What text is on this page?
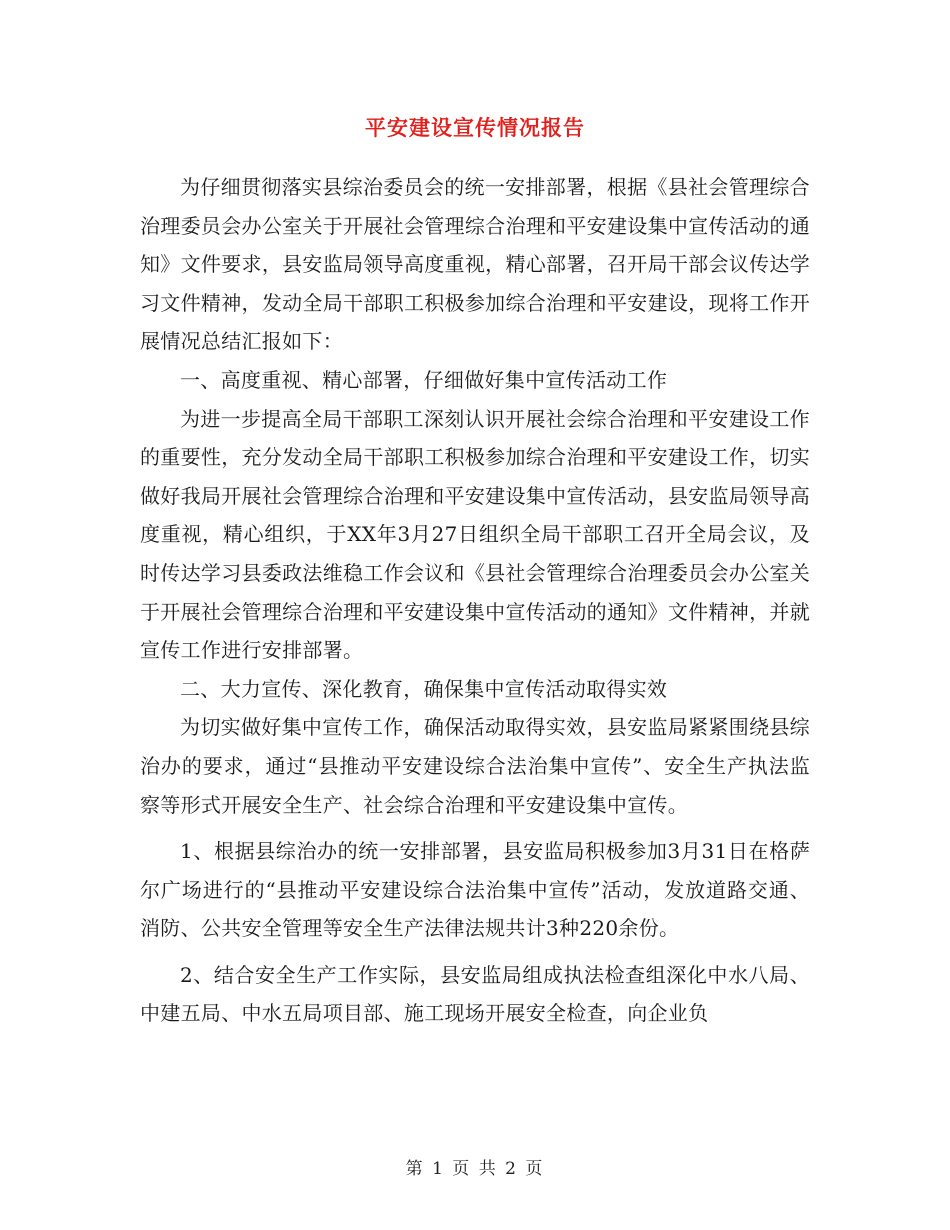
平安建设宣传情况报告

为仔细贯彻落实县综治委员会的统一安排部署，根据《县社会管理综合治理委员会办公室关于开展社会管理综合治理和平安建设集中宣传活动的通知》文件要求，县安监局领导高度重视，精心部署，召开局干部会议传达学习文件精神，发动全局干部职工积极参加综合治理和平安建设，现将工作开展情况总结汇报如下：

一、高度重视、精心部署，仔细做好集中宣传活动工作

为进一步提高全局干部职工深刻认识开展社会综合治理和平安建设工作的重要性，充分发动全局干部职工积极参加综合治理和平安建设工作，切实做好我局开展社会管理综合治理和平安建设集中宣传活动，县安监局领导高度重视，精心组织，于XX年3月27日组织全局干部职工召开全局会议，及时传达学习县委政法维稳工作会议和《县社会管理综合治理委员会办公室关于开展社会管理综合治理和平安建设集中宣传活动的通知》文件精神，并就宣传工作进行安排部署。

二、大力宣传、深化教育，确保集中宣传活动取得实效

为切实做好集中宣传工作，确保活动取得实效，县安监局紧紧围绕县综治办的要求，通过“县推动平安建设综合法治集中宣传”、安全生产执法监察等形式开展安全生产、社会综合治理和平安建设集中宣传。

1、根据县综治办的统一安排部署，县安监局积极参加3月31日在格萨尔广场进行的“县推动平安建设综合法治集中宣传”活动，发放道路交通、消防、公共安全管理等安全生产法律法规共计3种220余份。

2、结合安全生产工作实际，县安监局组成执法检查组深化中水八局、中建五局、中水五局项目部、施工现场开展安全检查，向企业负

第 1 页 共 2 页
